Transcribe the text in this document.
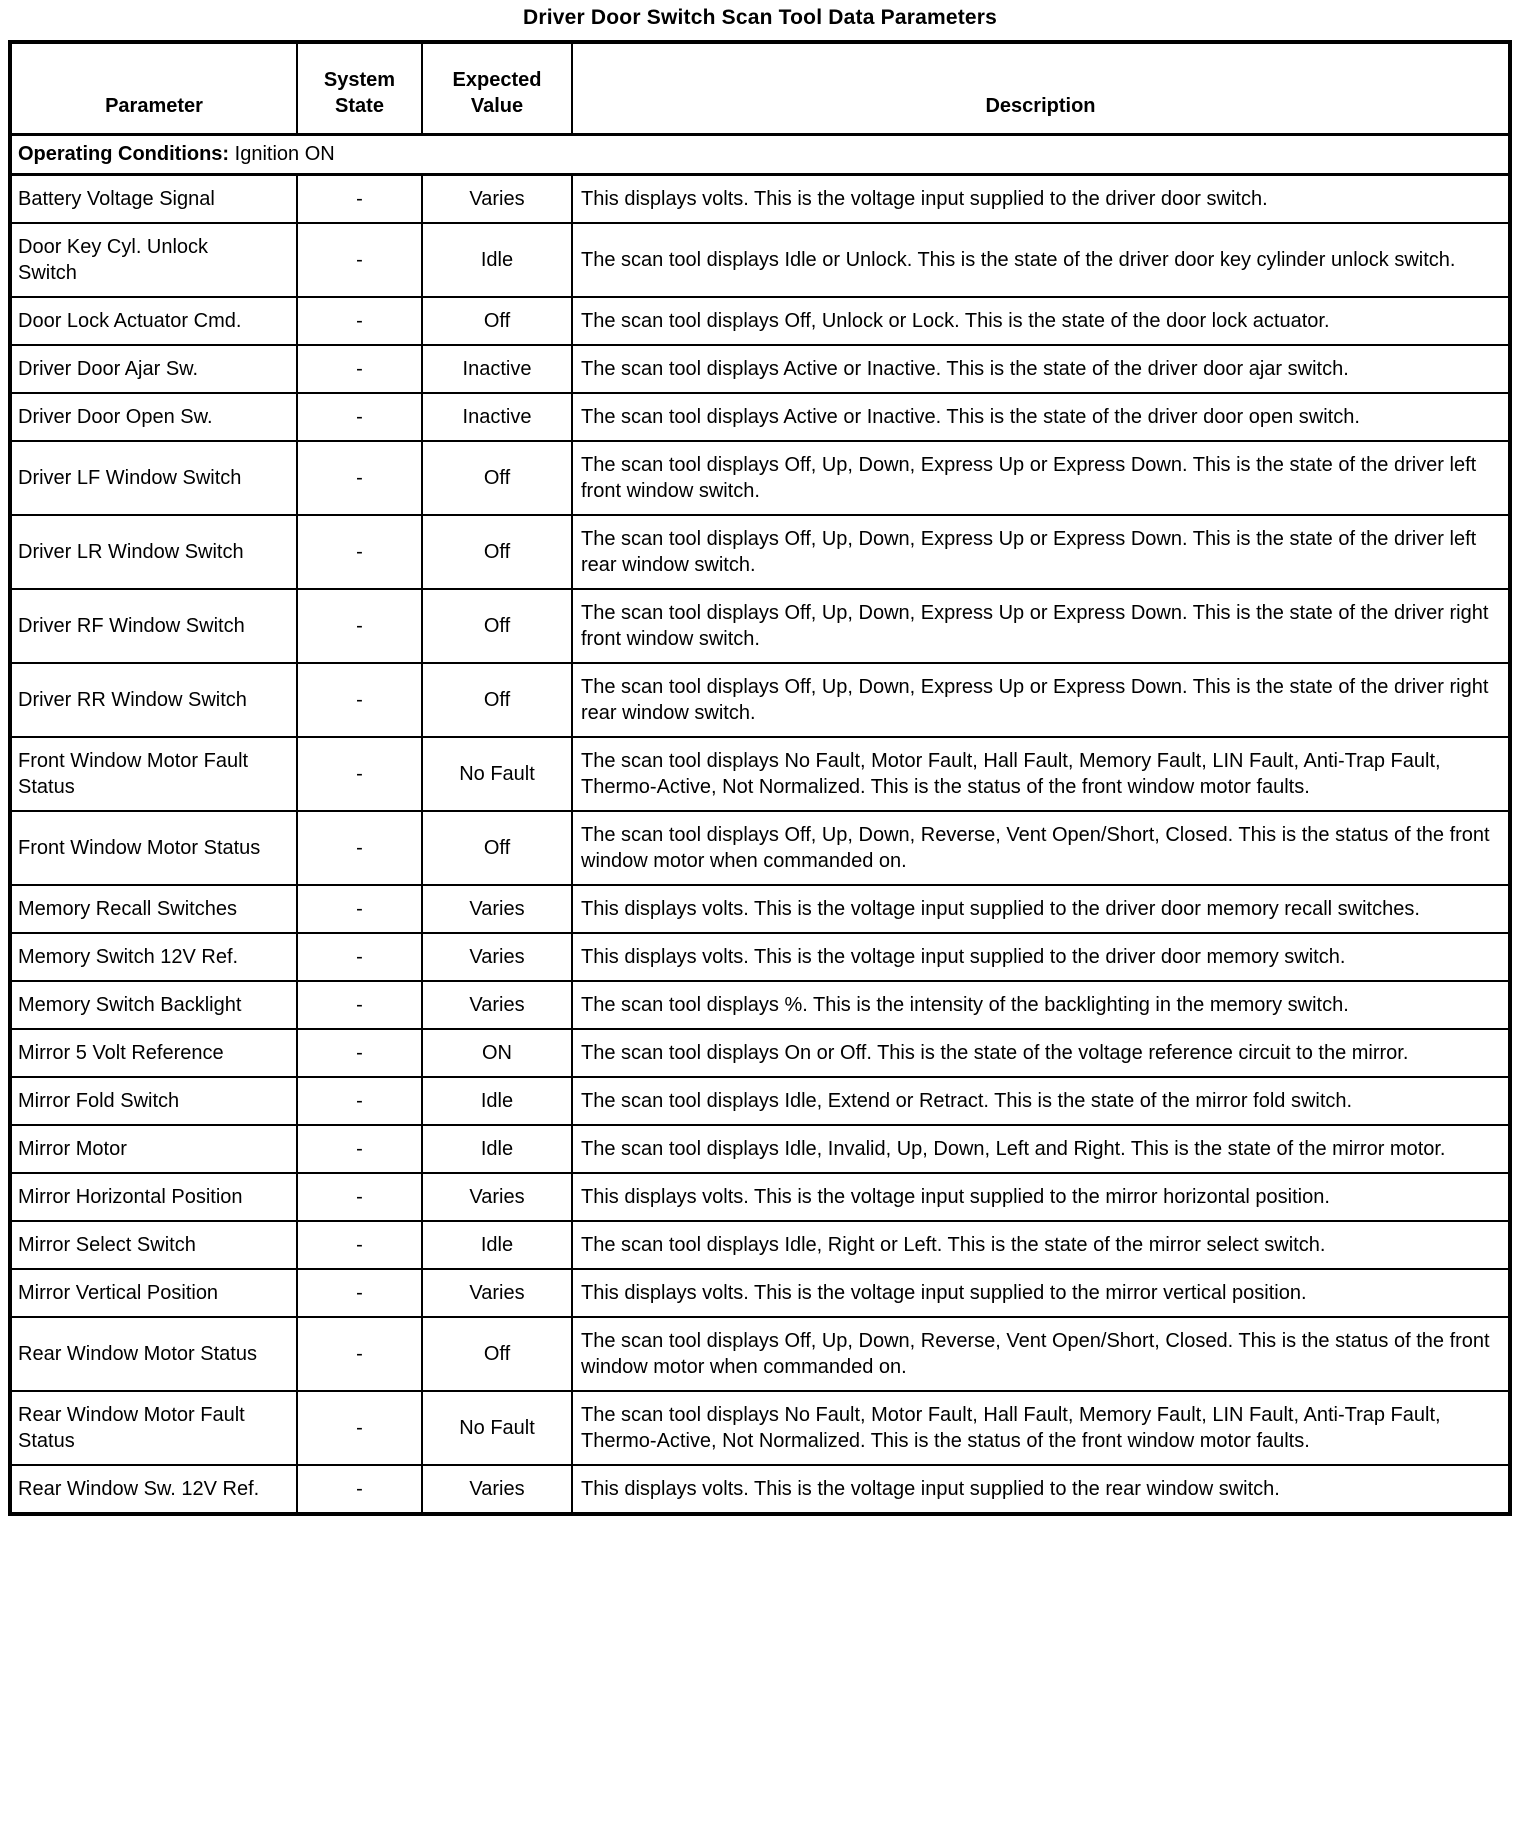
Driver Door Switch Scan Tool Data Parameters
Parameter	System State	Expected Value	Description
Operating Conditions: Ignition ON			
Battery Voltage Signal	-	Varies	This displays volts. This is the voltage input supplied to the driver door switch.
Door Key Cyl. Unlock Switch	-	Idle	The scan tool displays Idle or Unlock. This is the state of the driver door key cylinder unlock switch.
Door Lock Actuator Cmd.	-	Off	The scan tool displays Off, Unlock or Lock. This is the state of the door lock actuator.
Driver Door Ajar Sw.	-	Inactive	The scan tool displays Active or Inactive. This is the state of the driver door ajar switch.
Driver Door Open Sw.	-	Inactive	The scan tool displays Active or Inactive. This is the state of the driver door open switch.
Driver LF Window Switch	-	Off	The scan tool displays Off, Up, Down, Express Up or Express Down. This is the state of the driver left front window switch.
Driver LR Window Switch	-	Off	The scan tool displays Off, Up, Down, Express Up or Express Down. This is the state of the driver left rear window switch.
Driver RF Window Switch	-	Off	The scan tool displays Off, Up, Down, Express Up or Express Down. This is the state of the driver right front window switch.
Driver RR Window Switch	-	Off	The scan tool displays Off, Up, Down, Express Up or Express Down. This is the state of the driver right rear window switch.
Front Window Motor Fault Status	-	No Fault	The scan tool displays No Fault, Motor Fault, Hall Fault, Memory Fault, LIN Fault, Anti-Trap Fault, Thermo-Active, Not Normalized. This is the status of the front window motor faults.
Front Window Motor Status	-	Off	The scan tool displays Off, Up, Down, Reverse, Vent Open/Short, Closed. This is the status of the front window motor when commanded on.
Memory Recall Switches	-	Varies	This displays volts. This is the voltage input supplied to the driver door memory recall switches.
Memory Switch 12V Ref.	-	Varies	This displays volts. This is the voltage input supplied to the driver door memory switch.
Memory Switch Backlight	-	Varies	The scan tool displays %. This is the intensity of the backlighting in the memory switch.
Mirror 5 Volt Reference	-	ON	The scan tool displays On or Off. This is the state of the voltage reference circuit to the mirror.
Mirror Fold Switch	-	Idle	The scan tool displays Idle, Extend or Retract. This is the state of the mirror fold switch.
Mirror Motor	-	Idle	The scan tool displays Idle, Invalid, Up, Down, Left and Right. This is the state of the mirror motor.
Mirror Horizontal Position	-	Varies	This displays volts. This is the voltage input supplied to the mirror horizontal position.
Mirror Select Switch	-	Idle	The scan tool displays Idle, Right or Left. This is the state of the mirror select switch.
Mirror Vertical Position	-	Varies	This displays volts. This is the voltage input supplied to the mirror vertical position.
Rear Window Motor Status	-	Off	The scan tool displays Off, Up, Down, Reverse, Vent Open/Short, Closed. This is the status of the front window motor when commanded on.
Rear Window Motor Fault Status	-	No Fault	The scan tool displays No Fault, Motor Fault, Hall Fault, Memory Fault, LIN Fault, Anti-Trap Fault, Thermo-Active, Not Normalized. This is the status of the front window motor faults.
Rear Window Sw. 12V Ref.	-	Varies	This displays volts. This is the voltage input supplied to the rear window switch.
